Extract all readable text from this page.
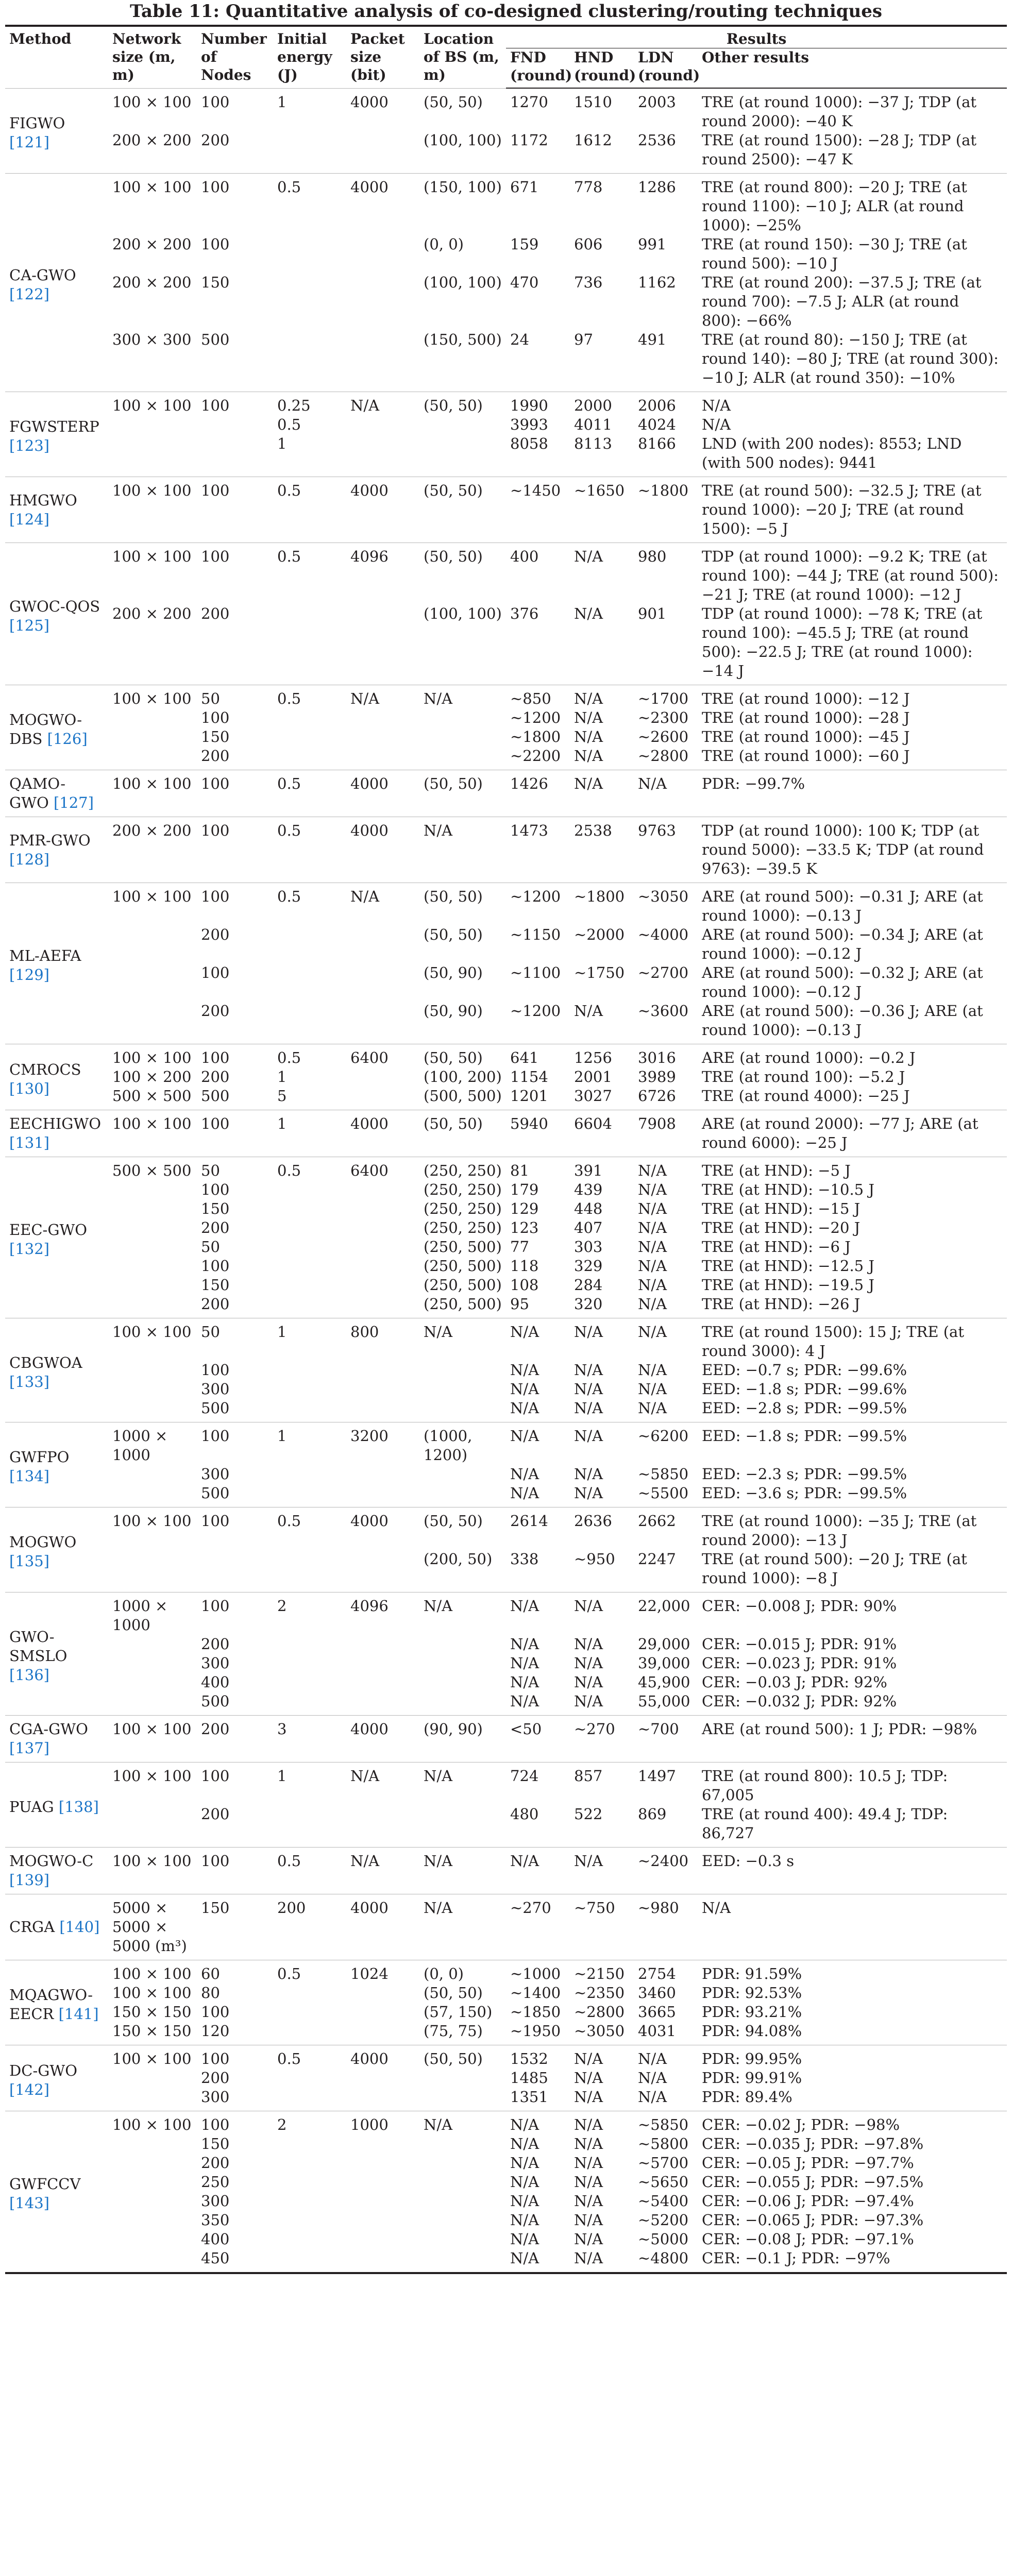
Table 11: Quantitative analysis of co-designed clustering/routing techniques
Method	Network size (m, m)	Number of Nodes	Initial energy (J)	Packet size (bit)	Location of BS (m, m)	Results			
						FND (round)	HND (round)	LDN (round)	Other results
FIGWO [121]	100 × 100	100	1	4000	(50, 50)	1270	1510	2003	TRE (at round 1000): −37 J; TDP (at round 2000): −40 K
	200 × 200	200			(100, 100)	1172	1612	2536	TRE (at round 1500): −28 J; TDP (at round 2500): −47 K
CA-GWO [122]	100 × 100	100	0.5	4000	(150, 100)	671	778	1286	TRE (at round 800): −20 J; TRE (at round 1100): −10 J; ALR (at round 1000): −25%
	200 × 200	100			(0, 0)	159	606	991	TRE (at round 150): −30 J; TRE (at round 500): −10 J
	200 × 200	150			(100, 100)	470	736	1162	TRE (at round 200): −37.5 J; TRE (at round 700): −7.5 J; ALR (at round 800): −66%
	300 × 300	500			(150, 500)	24	97	491	TRE (at round 80): −150 J; TRE (at round 140): −80 J; TRE (at round 300): −10 J; ALR (at round 350): −10%
FGWSTERP [123]	100 × 100	100	0.25	N/A	(50, 50)	1990	2000	2006	N/A
			0.5			3993	4011	4024	N/A
			1			8058	8113	8166	LND (with 200 nodes): 8553; LND (with 500 nodes): 9441
HMGWO [124]	100 × 100	100	0.5	4000	(50, 50)	~1450	~1650	~1800	TRE (at round 500): −32.5 J; TRE (at round 1000): −20 J; TRE (at round 1500): −5 J
GWOC-QOS [125]	100 × 100	100	0.5	4096	(50, 50)	400	N/A	980	TDP (at round 1000): −9.2 K; TRE (at round 100): −44 J; TRE (at round 500): −21 J; TRE (at round 1000): −12 J
	200 × 200	200			(100, 100)	376	N/A	901	TDP (at round 1000): −78 K; TRE (at round 100): −45.5 J; TRE (at round 500): −22.5 J; TRE (at round 1000): −14 J
MOGWO-DBS [126]	100 × 100	50	0.5	N/A	N/A	~850	N/A	~1700	TRE (at round 1000): −12 J
		100				~1200	N/A	~2300	TRE (at round 1000): −28 J
		150				~1800	N/A	~2600	TRE (at round 1000): −45 J
		200				~2200	N/A	~2800	TRE (at round 1000): −60 J
QAMO-GWO [127]	100 × 100	100	0.5	4000	(50, 50)	1426	N/A	N/A	PDR: −99.7%
PMR-GWO [128]	200 × 200	100	0.5	4000	N/A	1473	2538	9763	TDP (at round 1000): 100 K; TDP (at round 5000): −33.5 K; TDP (at round 9763): −39.5 K
ML-AEFA [129]	100 × 100	100	0.5	N/A	(50, 50)	~1200	~1800	~3050	ARE (at round 500): −0.31 J; ARE (at round 1000): −0.13 J
		200			(50, 50)	~1150	~2000	~4000	ARE (at round 500): −0.34 J; ARE (at round 1000): −0.12 J
		100			(50, 90)	~1100	~1750	~2700	ARE (at round 500): −0.32 J; ARE (at round 1000): −0.12 J
		200			(50, 90)	~1200	N/A	~3600	ARE (at round 500): −0.36 J; ARE (at round 1000): −0.13 J
CMROCS [130]	100 × 100	100	0.5	6400	(50, 50)	641	1256	3016	ARE (at round 1000): −0.2 J
	100 × 200	200	1		(100, 200)	1154	2001	3989	TRE (at round 100): −5.2 J
	500 × 500	500	5		(500, 500)	1201	3027	6726	TRE (at round 4000): −25 J
EECHIGWO [131]	100 × 100	100	1	4000	(50, 50)	5940	6604	7908	ARE (at round 2000): −77 J; ARE (at round 6000): −25 J
EEC-GWO [132]	500 × 500	50	0.5	6400	(250, 250)	81	391	N/A	TRE (at HND): −5 J
		100			(250, 250)	179	439	N/A	TRE (at HND): −10.5 J
		150			(250, 250)	129	448	N/A	TRE (at HND): −15 J
		200			(250, 250)	123	407	N/A	TRE (at HND): −20 J
		50			(250, 500)	77	303	N/A	TRE (at HND): −6 J
		100			(250, 500)	118	329	N/A	TRE (at HND): −12.5 J
		150			(250, 500)	108	284	N/A	TRE (at HND): −19.5 J
		200			(250, 500)	95	320	N/A	TRE (at HND): −26 J
CBGWOA [133]	100 × 100	50	1	800	N/A	N/A	N/A	N/A	TRE (at round 1500): 15 J; TRE (at round 3000): 4 J
		100				N/A	N/A	N/A	EED: −0.7 s; PDR: −99.6%
		300				N/A	N/A	N/A	EED: −1.8 s; PDR: −99.6%
		500				N/A	N/A	N/A	EED: −2.8 s; PDR: −99.5%
GWFPO [134]	1000 × 1000	100	1	3200	(1000, 1200)	N/A	N/A	~6200	EED: −1.8 s; PDR: −99.5%
		300				N/A	N/A	~5850	EED: −2.3 s; PDR: −99.5%
		500				N/A	N/A	~5500	EED: −3.6 s; PDR: −99.5%
MOGWO [135]	100 × 100	100	0.5	4000	(50, 50)	2614	2636	2662	TRE (at round 1000): −35 J; TRE (at round 2000): −13 J
					(200, 50)	338	~950	2247	TRE (at round 500): −20 J; TRE (at round 1000): −8 J
GWO-SMSLO [136]	1000 × 1000	100	2	4096	N/A	N/A	N/A	22,000	CER: −0.008 J; PDR: 90%
		200				N/A	N/A	29,000	CER: −0.015 J; PDR: 91%
		300				N/A	N/A	39,000	CER: −0.023 J; PDR: 91%
		400				N/A	N/A	45,900	CER: −0.03 J; PDR: 92%
		500				N/A	N/A	55,000	CER: −0.032 J; PDR: 92%
CGA-GWO [137]	100 × 100	200	3	4000	(90, 90)	<50	~270	~700	ARE (at round 500): 1 J; PDR: −98%
PUAG [138]	100 × 100	100	1	N/A	N/A	724	857	1497	TRE (at round 800): 10.5 J; TDP: 67,005
		200				480	522	869	TRE (at round 400): 49.4 J; TDP: 86,727
MOGWO-C [139]	100 × 100	100	0.5	N/A	N/A	N/A	N/A	~2400	EED: −0.3 s
CRGA [140]	5000 × 5000 × 5000 (m³)	150	200	4000	N/A	~270	~750	~980	N/A
MQAGWO-EECR [141]	100 × 100	60	0.5	1024	(0, 0)	~1000	~2150	2754	PDR: 91.59%
	100 × 100	80			(50, 50)	~1400	~2350	3460	PDR: 92.53%
	150 × 150	100			(57, 150)	~1850	~2800	3665	PDR: 93.21%
	150 × 150	120			(75, 75)	~1950	~3050	4031	PDR: 94.08%
DC-GWO [142]	100 × 100	100	0.5	4000	(50, 50)	1532	N/A	N/A	PDR: 99.95%
		200				1485	N/A	N/A	PDR: 99.91%
		300				1351	N/A	N/A	PDR: 89.4%
GWFCCV [143]	100 × 100	100	2	1000	N/A	N/A	N/A	~5850	CER: −0.02 J; PDR: −98%
		150				N/A	N/A	~5800	CER: −0.035 J; PDR: −97.8%
		200				N/A	N/A	~5700	CER: −0.05 J; PDR: −97.7%
		250				N/A	N/A	~5650	CER: −0.055 J; PDR: −97.5%
		300				N/A	N/A	~5400	CER: −0.06 J; PDR: −97.4%
		350				N/A	N/A	~5200	CER: −0.065 J; PDR: −97.3%
		400				N/A	N/A	~5000	CER: −0.08 J; PDR: −97.1%
		450				N/A	N/A	~4800	CER: −0.1 J; PDR: −97%
